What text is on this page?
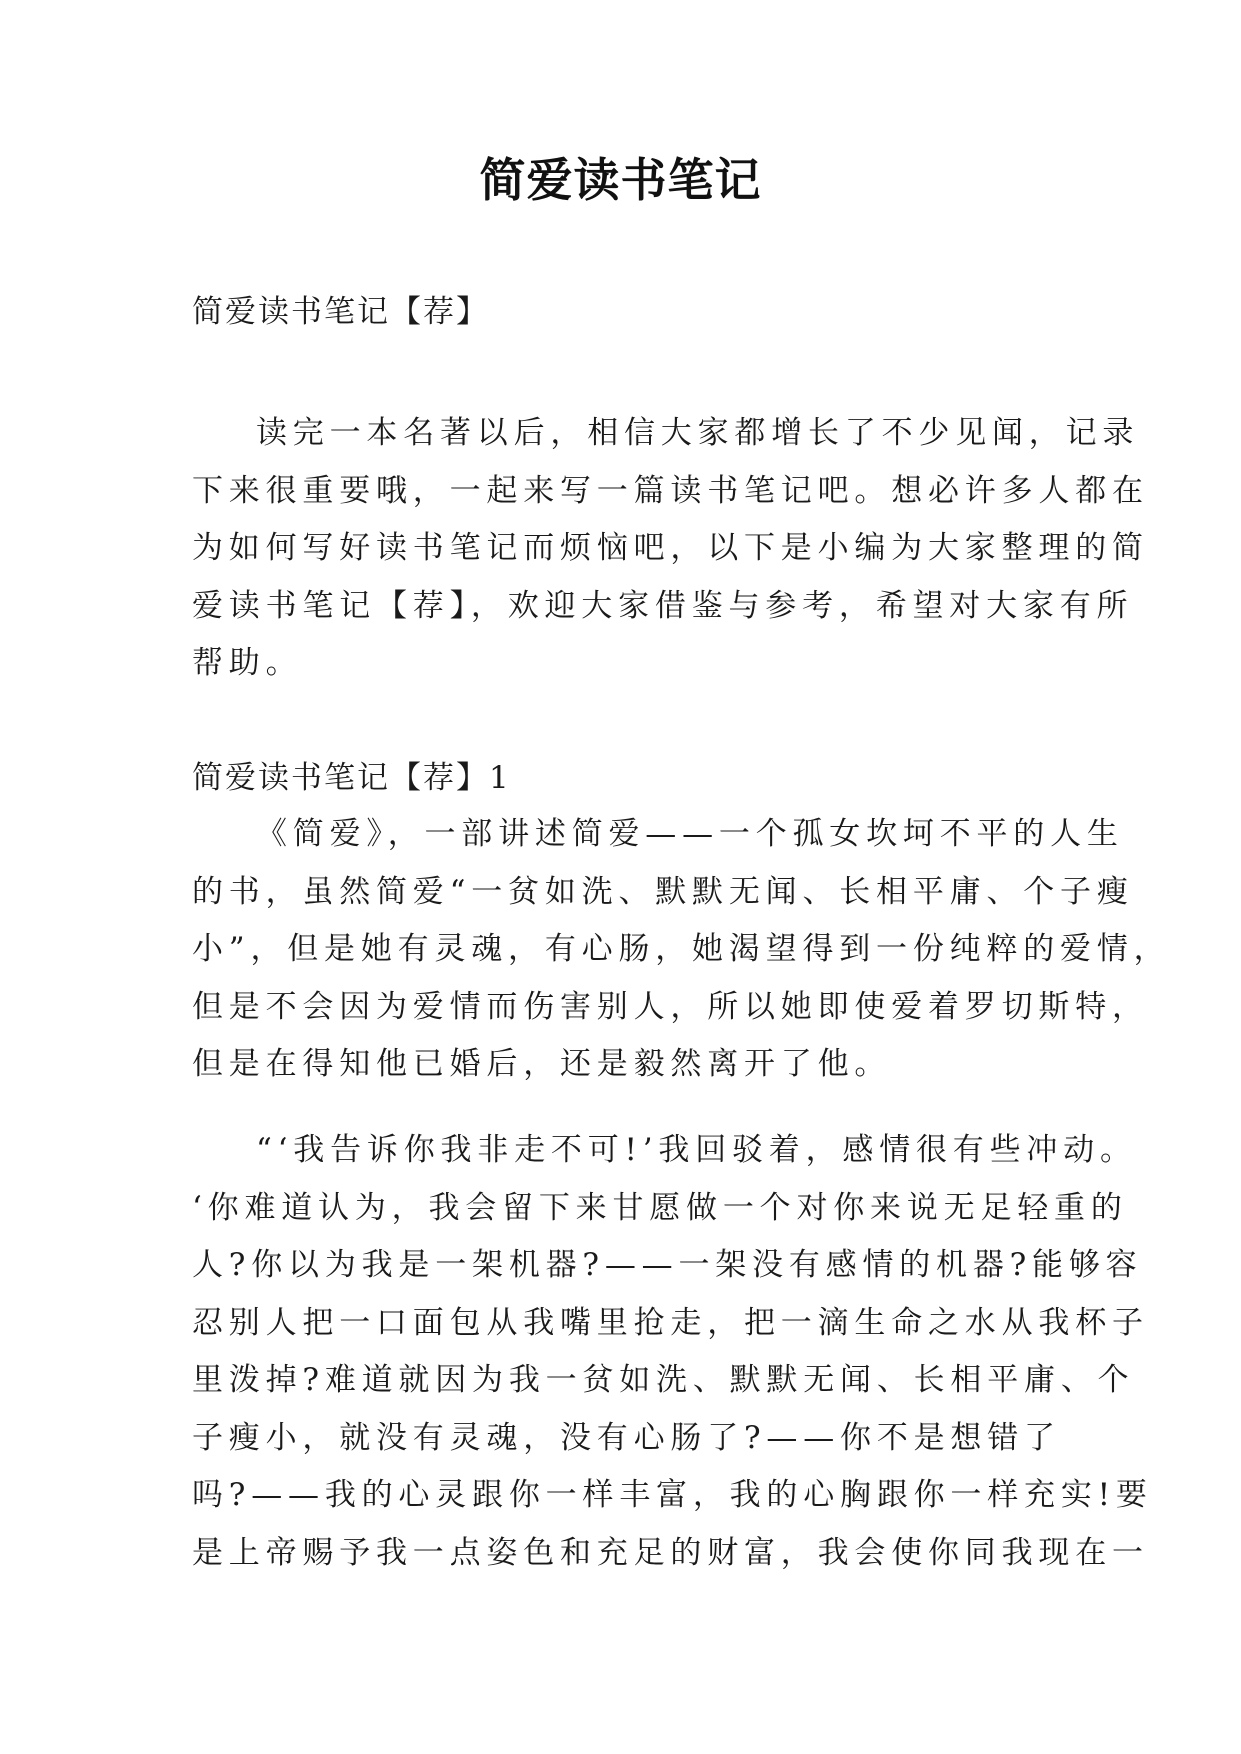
简爱读书笔记
简爱读书笔记【荐】
读完一本名著以后，相信大家都增长了不少见闻，记录
下来很重要哦，一起来写一篇读书笔记吧。想必许多人都在
为如何写好读书笔记而烦恼吧，以下是小编为大家整理的简
爱读书笔记【荐】，欢迎大家借鉴与参考，希望对大家有所
帮助。
简爱读书笔记【荐】1
《简爱》，一部讲述简爱——一个孤女坎坷不平的人生
的书，虽然简爱“一贫如洗、默默无闻、长相平庸、个子瘦
小”，但是她有灵魂，有心肠，她渴望得到一份纯粹的爱情，
但是不会因为爱情而伤害别人，所以她即使爱着罗切斯特，
但是在得知他已婚后，还是毅然离开了他。
“‘我告诉你我非走不可!’我回驳着，感情很有些冲动。
‘你难道认为，我会留下来甘愿做一个对你来说无足轻重的
人?你以为我是一架机器?——一架没有感情的机器?能够容
忍别人把一口面包从我嘴里抢走，把一滴生命之水从我杯子
里泼掉?难道就因为我一贫如洗、默默无闻、长相平庸、个
子瘦小，就没有灵魂，没有心肠了?——你不是想错了
吗?——我的心灵跟你一样丰富，我的心胸跟你一样充实!要
是上帝赐予我一点姿色和充足的财富，我会使你同我现在一
